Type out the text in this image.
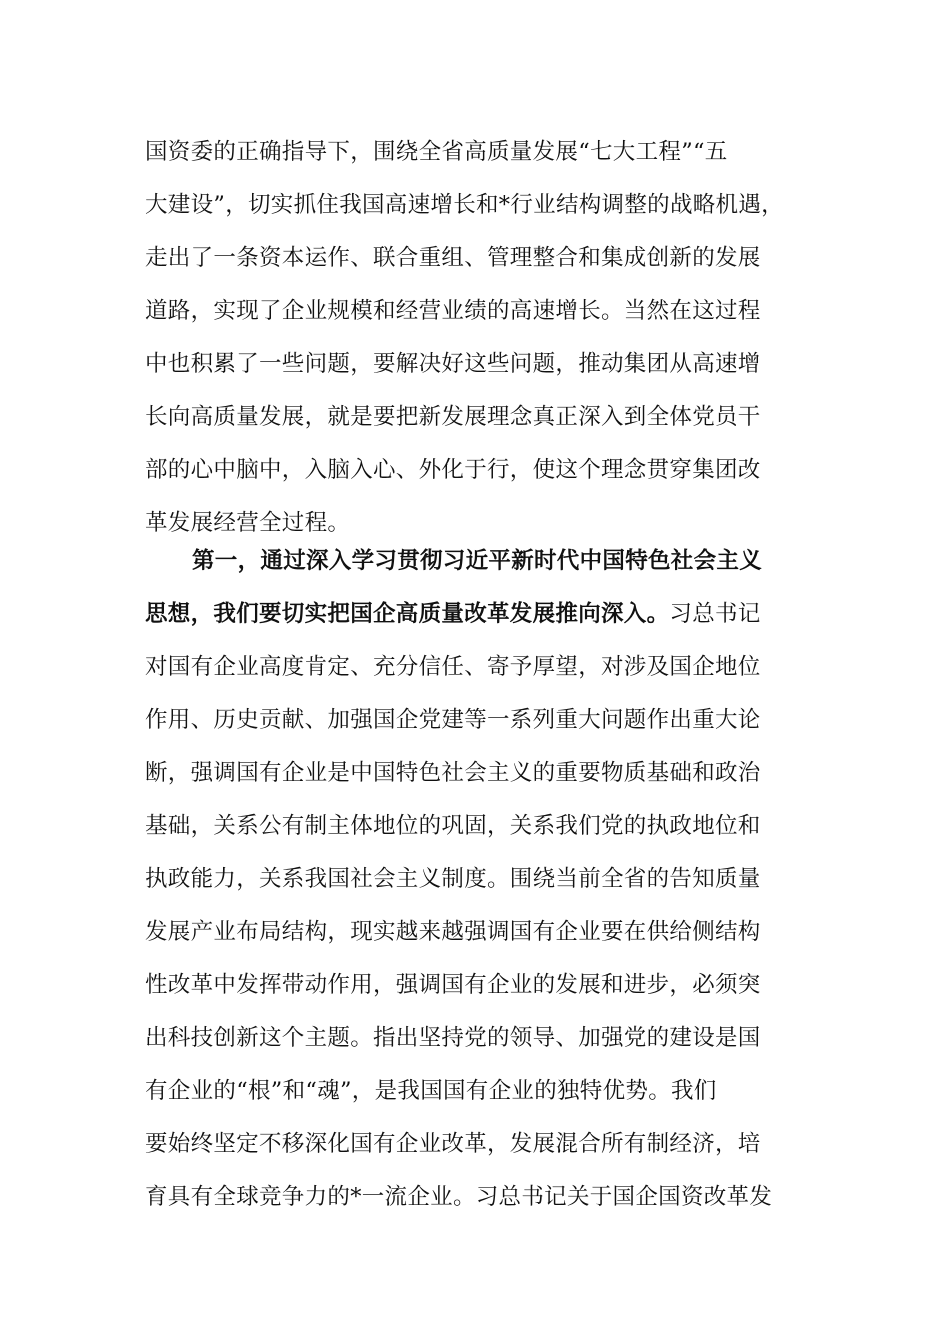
国资委的正确指导下，围绕全省高质量发展“七大工程”“五
大建设”，切实抓住我国高速增长和*行业结构调整的战略机遇，
走出了一条资本运作、联合重组、管理整合和集成创新的发展
道路，实现了企业规模和经营业绩的高速增长。当然在这过程
中也积累了一些问题，要解决好这些问题，推动集团从高速增
长向高质量发展，就是要把新发展理念真正深入到全体党员干
部的心中脑中，入脑入心、外化于行，使这个理念贯穿集团改
革发展经营全过程。
第一，通过深入学习贯彻习近平新时代中国特色社会主义
思想，我们要切实把国企高质量改革发展推向深入。习总书记
对国有企业高度肯定、充分信任、寄予厚望，对涉及国企地位
作用、历史贡献、加强国企党建等一系列重大问题作出重大论
断，强调国有企业是中国特色社会主义的重要物质基础和政治
基础，关系公有制主体地位的巩固，关系我们党的执政地位和
执政能力，关系我国社会主义制度。围绕当前全省的告知质量
发展产业布局结构，现实越来越强调国有企业要在供给侧结构
性改革中发挥带动作用，强调国有企业的发展和进步，必须突
出科技创新这个主题。指出坚持党的领导、加强党的建设是国
有企业的“根”和“魂”，是我国国有企业的独特优势。我们
要始终坚定不移深化国有企业改革，发展混合所有制经济，培
育具有全球竞争力的*一流企业。习总书记关于国企国资改革发
